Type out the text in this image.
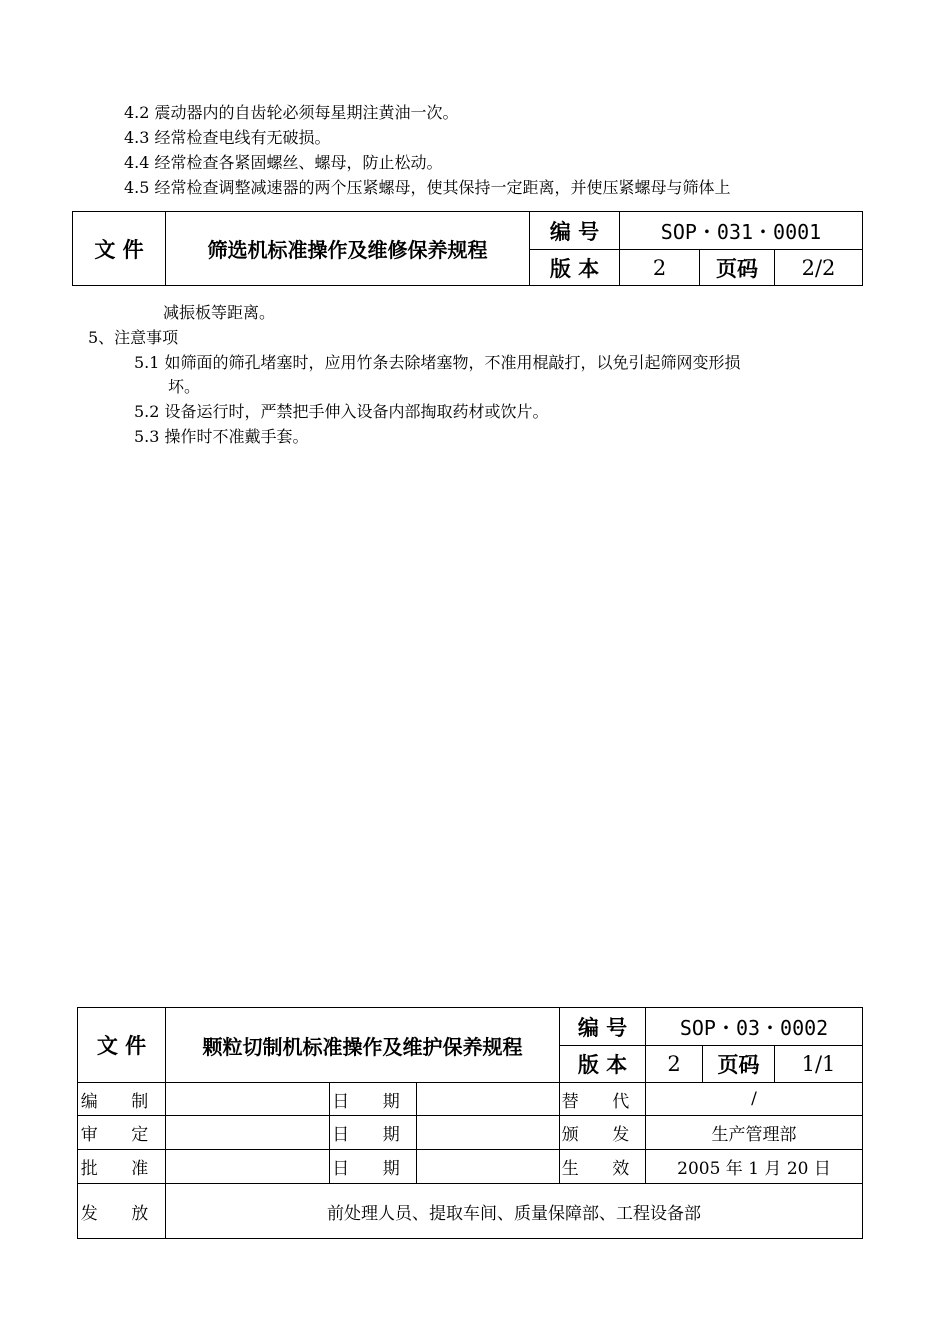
4.2 震动器内的自齿轮必须每星期注黄油一次。
4.3 经常检查电线有无破损。
4.4 经常检查各紧固螺丝、螺母，防止松动。
4.5 经常检查调整减速器的两个压紧螺母，使其保持一定距离，并使压紧螺母与筛体上
文 件	筛选机标准操作及维修保养规程	编 号	SOP・031・0001		
		版 本	2	页码	2/2
减振板等距离。
5、注意事项
5.1 如筛面的筛孔堵塞时，应用竹条去除堵塞物，不准用棍敲打，以免引起筛网变形损
坏。
5.2 设备运行时，严禁把手伸入设备内部掏取药材或饮片。
5.3 操作时不准戴手套。
文 件	颗粒切制机标准操作及维护保养规程			编 号	SOP・03・0002		
				版 本	2	页码	1/1
编 制		日 期		替 代	/		
审 定		日 期		颁 发	生产管理部		
批 准		日 期		生 效	2005 年 1 月 20 日		
发 放	前处理人员、提取车间、质量保障部、工程设备部						
